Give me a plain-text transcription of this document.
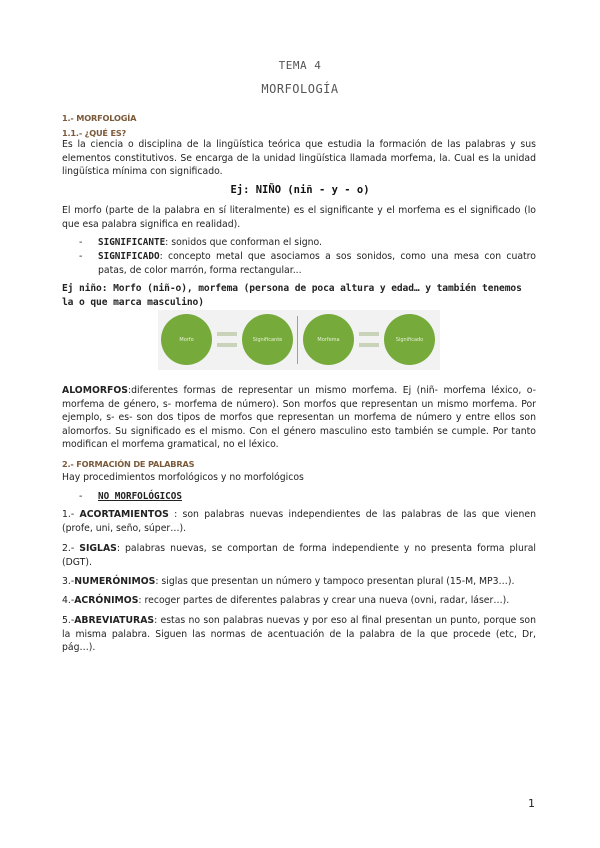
TEMA 4
MORFOLOGÍA
1.- MORFOLOGÍA
1.1.- ¿QUÉ ES?
Es la ciencia o disciplina de la lingüística teórica que estudia la formación de las palabras y sus elementos constitutivos. Se encarga de la unidad lingüística llamada morfema, la. Cual es la unidad lingüística mínima con significado.
Ej: NIÑO (niñ - y - o)
El morfo (parte de la palabra en sí literalmente) es el significante y el morfema es el significado (lo que esa palabra significa en realidad).
- SIGNIFICANTE: sonidos que conforman el signo.
- SIGNIFICADO: concepto metal que asociamos a sos sonidos, como una mesa con cuatro patas, de color marrón, forma rectangular...
Ej niño: Morfo (niñ-o), morfema (persona de poca altura y edad… y también tenemos la o que marca masculino)
Morfo	Significante	Morfema	Significado
ALOMORFOS:diferentes formas de representar un mismo morfema. Ej (niñ- morfema léxico, o- morfema de género, s- morfema de número). Son morfos que representan un mismo morfema. Por ejemplo, s- es- son dos tipos de morfos que representan un morfema de número y entre ellos son alomorfos. Su significado es el mismo. Con el género masculino esto también se cumple. Por tanto modifican el morfema gramatical, no el léxico.
2.- FORMACIÓN DE PALABRAS
Hay procedimientos morfológicos y no morfológicos
- NO MORFOLÓGICOS
1.- ACORTAMIENTOS : son palabras nuevas independientes de las palabras de las que vienen (profe, uni, seño, súper…).
2.- SIGLAS: palabras nuevas, se comportan de forma independiente y no presenta forma plural (DGT).
3.-NUMERÓNIMOS: siglas que presentan un número y tampoco presentan plural (15-M, MP3…).
4.-ACRÓNIMOS: recoger partes de diferentes palabras y crear una nueva (ovni, radar, láser…).
5.-ABREVIATURAS: estas no son palabras nuevas y por eso al final presentan un punto, porque son la misma palabra. Siguen las normas de acentuación de la palabra de la que procede (etc, Dr, pág…).
1
